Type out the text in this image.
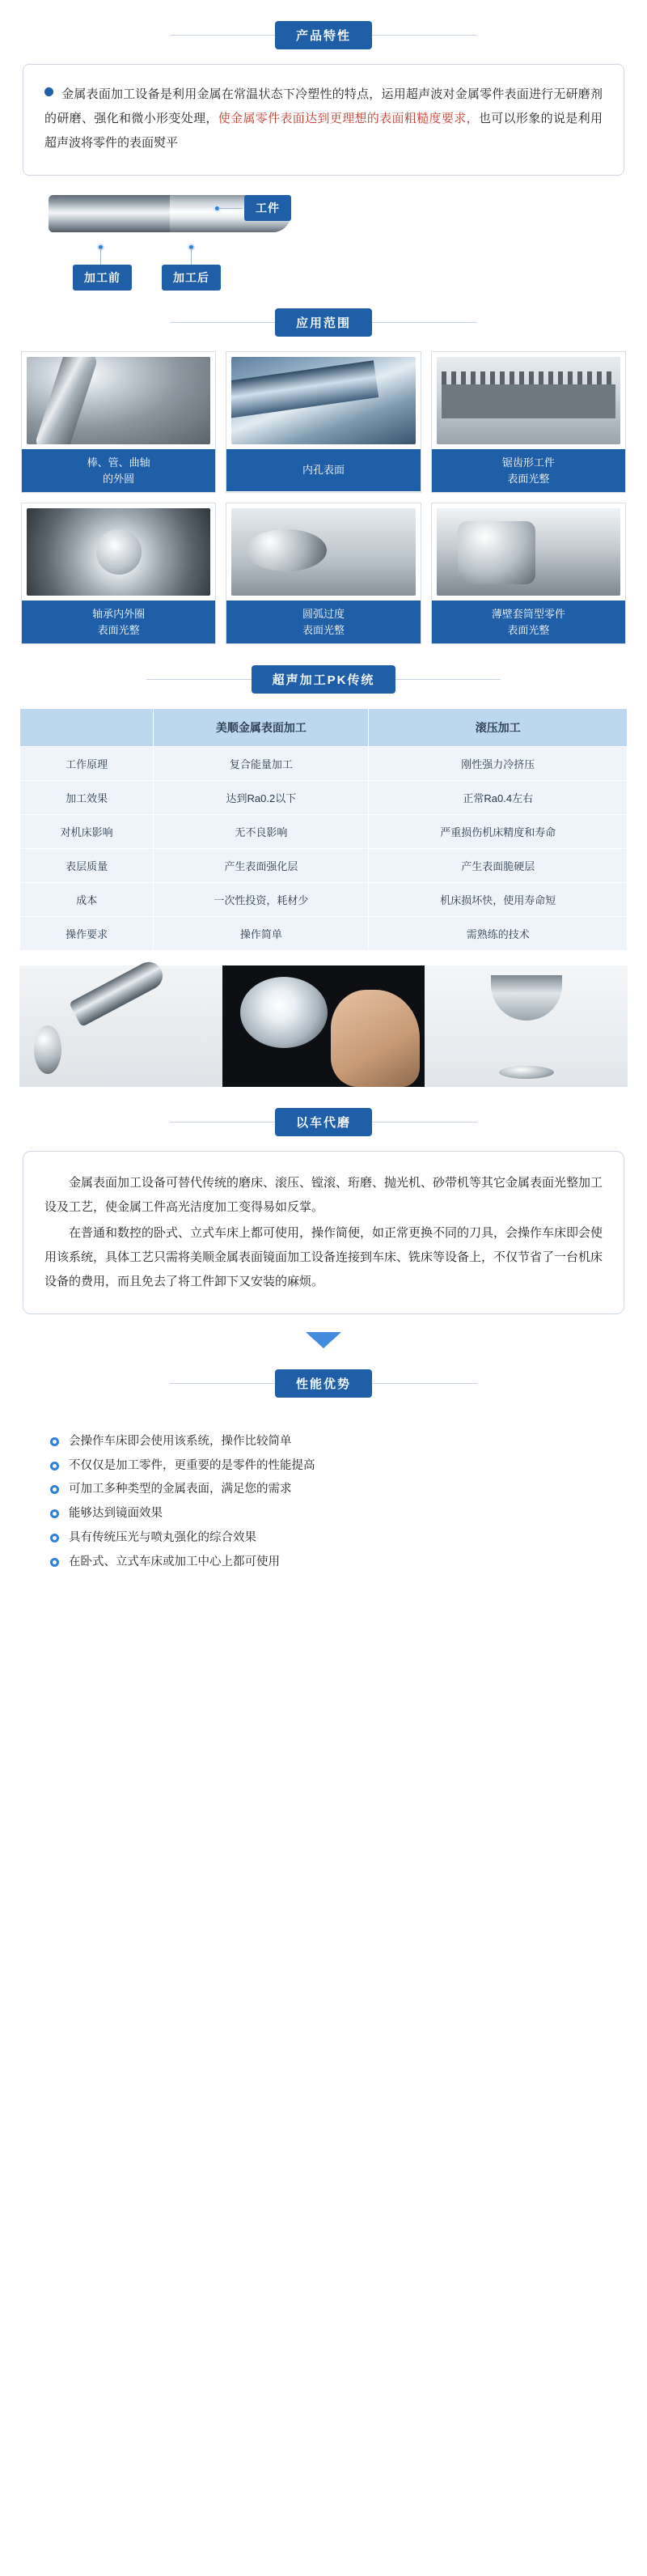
产品特性
金属表面加工设备是利用金属在常温状态下冷塑性的特点，运用超声波对金属零件表面进行无研磨剂的研磨、强化和微小形变处理，使金属零件表面达到更理想的表面粗糙度要求，也可以形象的说是利用超声波将零件的表面熨平
加工前	加工后
工件
应用范围
棒、管、曲轴
的外圆
内孔表面
锯齿形工件
表面光整
轴承内外圈
表面光整
圆弧过度
表面光整
薄壁套筒型零件
表面光整
超声加工PK传统
	美顺金属表面加工	滚压加工
工作原理	复合能量加工	刚性强力冷挤压
加工效果	达到Ra0.2以下	正常Ra0.4左右
对机床影响	无不良影响	严重损伤机床精度和寿命
表层质量	产生表面强化层	产生表面脆硬层
成本	一次性投资，耗材少	机床损坏快，使用寿命短
操作要求	操作简单	需熟练的技术
以车代磨

金属表面加工设备可替代传统的磨床、滚压、镗滚、珩磨、抛光机、砂带机等其它金属表面光整加工设及工艺，使金属工件高光洁度加工变得易如反掌。

在普通和数控的卧式、立式车床上都可使用，操作简便，如正常更换不同的刀具，会操作车床即会使用该系统，具体工艺只需将美顺金属表面镜面加工设备连接到车床、铣床等设备上，不仅节省了一台机床设备的费用，而且免去了将工件卸下又安装的麻烦。

性能优势
会操作车床即会使用该系统，操作比较简单
不仅仅是加工零件，更重要的是零件的性能提高
可加工多种类型的金属表面，满足您的需求
能够达到镜面效果
具有传统压光与喷丸强化的综合效果
在卧式、立式车床或加工中心上都可使用
